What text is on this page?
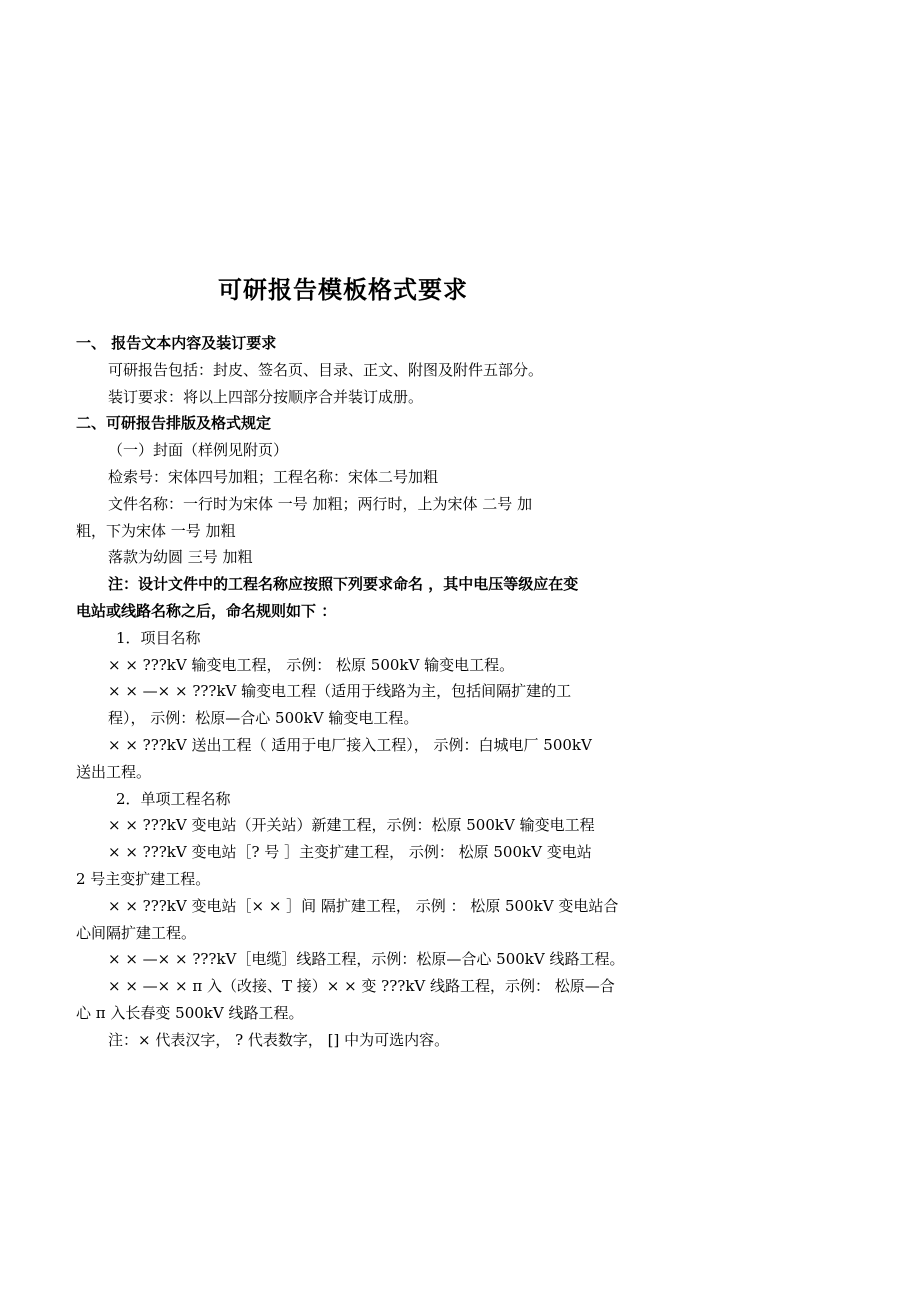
可研报告模板格式要求
一、 报告文本内容及装订要求
可研报告包括：封皮、签名页、目录、正文、附图及附件五部分。
装订要求：将以上四部分按顺序合并装订成册。
二、可研报告排版及格式规定
（一）封面（样例见附页）
检索号：宋体四号加粗；工程名称：宋体二号加粗
文件名称：一行时为宋体 一号 加粗；两行时，上为宋体 二号 加
粗，下为宋体 一号 加粗
落款为幼圆 三号 加粗
注：设计文件中的工程名称应按照下列要求命名 ，其中电压等级应在变
电站或线路名称之后，命名规则如下 ：
1．项目名称
× × ???kV 输变电工程， 示例： 松原 500kV 输变电工程。
× × —× × ???kV 输变电工程（适用于线路为主，包括间隔扩建的工
程）， 示例：松原—合心 500kV 输变电工程。
× × ???kV 送出工程（ 适用于电厂接入工程）， 示例：白城电厂 500kV
送出工程。
2．单项工程名称
× × ???kV 变电站（开关站）新建工程，示例：松原 500kV 输变电工程
× × ???kV 变电站［? 号 ］主变扩建工程， 示例： 松原 500kV 变电站
2 号主变扩建工程。
× × ???kV 变电站［× × ］间 隔扩建工程， 示例 ： 松原 500kV 变电站合
心间隔扩建工程。
× × —× × ???kV［电缆］线路工程，示例：松原—合心 500kV 线路工程。
× × —× × π 入（改接、T 接）× × 变 ???kV 线路工程，示例： 松原—合
心 π 入长春变 500kV 线路工程。
注：× 代表汉字， ? 代表数字， [] 中为可选内容。
